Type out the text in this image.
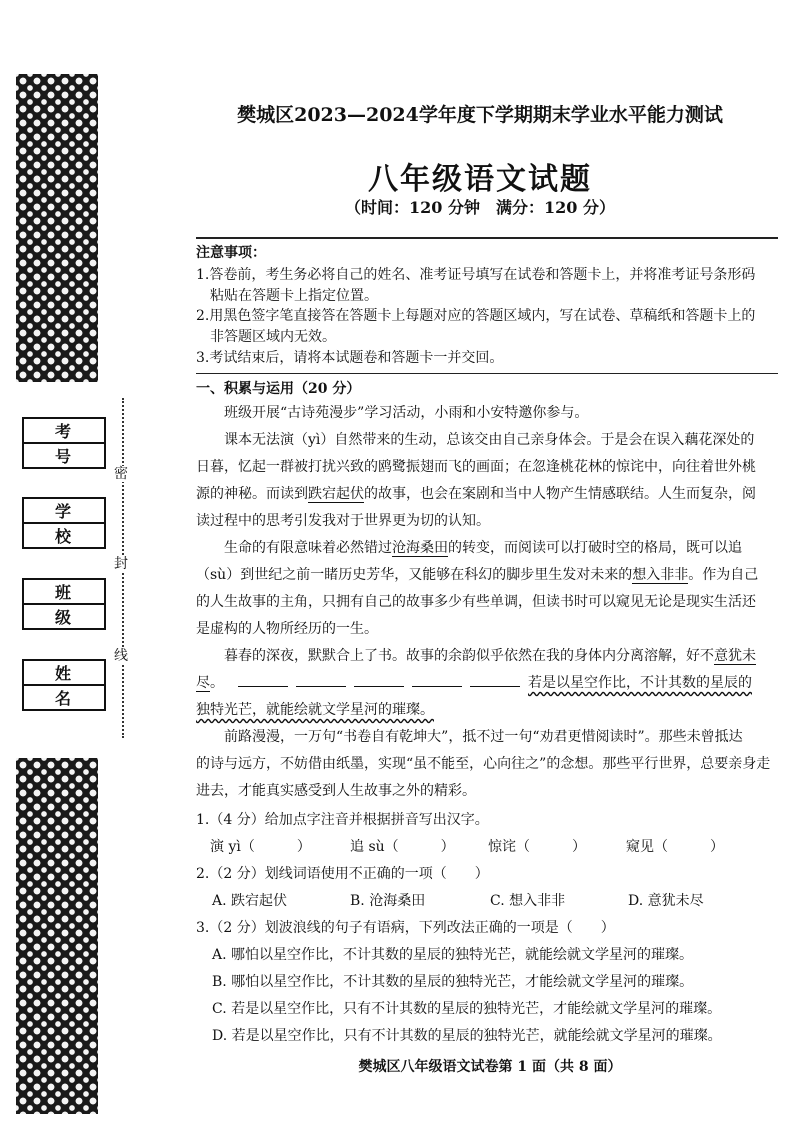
考　号
学　校
班　级
姓　名
密
封
线
樊城区2023—2024学年度下学期期末学业水平能力测试
八年级语文试题
（时间：120 分钟　满分：120 分）
注意事项：
1.答卷前，考生务必将自己的姓名、准考证号填写在试卷和答题卡上，并将准考证号条形码
　粘贴在答题卡上指定位置。
2.用黑色签字笔直接答在答题卡上每题对应的答题区域内，写在试卷、草稿纸和答题卡上的
　非答题区域内无效。
3.考试结束后，请将本试题卷和答题卡一并交回。
一、积累与运用（20 分）
班级开展“古诗苑漫步”学习活动，小雨和小安特邀你参与。
课本无法演（yì）自然带来的生动，总该交由自己亲身体会。于是会在误入藕花深处的
日暮，忆起一群被打扰兴致的鸥鹭振翅而飞的画面；在忽逢桃花林的惊诧中，向往着世外桃
源的神秘。而读到跌宕起伏的故事，也会在案剧和当中人物产生情感联结。人生而复杂，阅
读过程中的思考引发我对于世界更为切的认知。
生命的有限意味着必然错过沧海桑田的转变，而阅读可以打破时空的格局，既可以追
（sù）到世纪之前一睹历史芳华，又能够在科幻的脚步里生发对未来的想入非非。作为自己
的人生故事的主角，只拥有自己的故事多少有些单调，但读书时可以窥见无论是现实生活还
是虚构的人物所经历的一生。
暮春的深夜，默默合上了书。故事的余韵似乎依然在我的身体内分离溶解，好不意犹未
尽。	若是以星空作比，不计其数的星辰的
独特光芒，就能绘就文学星河的璀璨。
前路漫漫，一万句“书卷自有乾坤大”，抵不过一句“劝君更惜阅读时”。那些未曾抵达
的诗与远方，不妨借由纸墨，实现“虽不能至，心向往之”的念想。那些平行世界，总要亲身走
进去，才能真实感受到人生故事之外的精彩。
1.（4 分）给加点字注音并根据拼音写出汉字。
演 yì（　　　）	追 sù（　　　） 惊诧（　　　）	窥见（　　　）
2.（2 分）划线词语使用不正确的一项（　　）
A. 跌宕起伏	B. 沧海桑田	C. 想入非非	D. 意犹未尽
3.（2 分）划波浪线的句子有语病，下列改法正确的一项是（　　）
A. 哪怕以星空作比，不计其数的星辰的独特光芒，就能绘就文学星河的璀璨。
B. 哪怕以星空作比，不计其数的星辰的独特光芒，才能绘就文学星河的璀璨。
C. 若是以星空作比，只有不计其数的星辰的独特光芒，才能绘就文学星河的璀璨。
D. 若是以星空作比，只有不计其数的星辰的独特光芒，就能绘就文学星河的璀璨。
樊城区八年级语文试卷第 1 面（共 8 面）
